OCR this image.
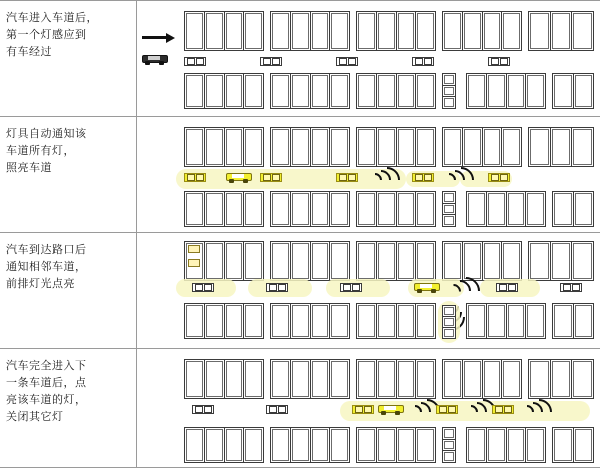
汽车进入车道后，
第一个灯感应到
有车经过
灯具自动通知该
车道所有灯，
照亮车道
汽车到达路口后
通知相邻车道，
前排灯光点亮
汽车完全进入下
一条车道后，点
亮该车道的灯，
关闭其它灯
